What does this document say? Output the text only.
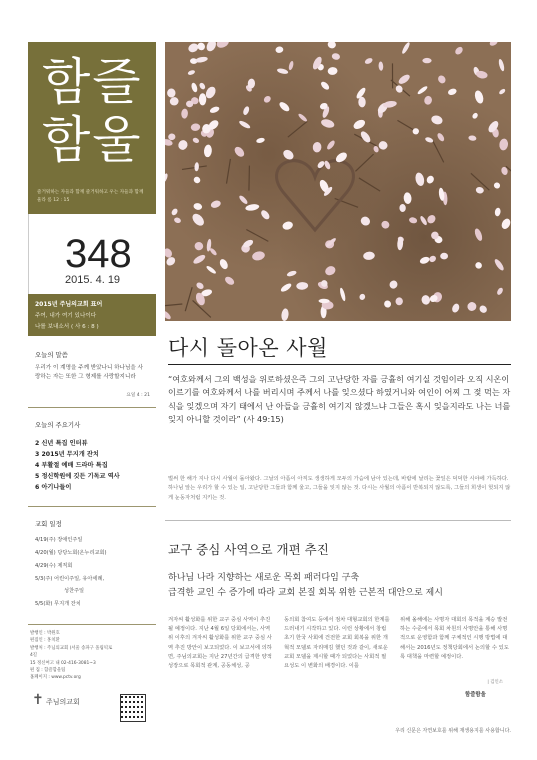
함즐
함울
즐거워하는 자들과 함께 즐거워하고 우는 자들과 함께 울라 롬 12 : 15
348
2015. 4. 19
2015년 주님의교회 표어
주여, 내가 여기 있나이다
나를 보내소서 ( 사 6 : 8 )
오늘의 말씀
우리가 이 계명을 주께 받았나니 하나님을 사랑하는 자는 또한 그 형제를 사랑할지니라
요일 4 : 21
오늘의 주요기사
2 신년 특집 인터뷰
3 2015년 무지개 잔치
4 부활절 예배 드라마 특집
5 정신학원에 깃든 기독교 역사
6 아기나들이
교회 일정
4/19(주) 장애인주일
4/20(월) 당당노회(온누리교회)
4/29(수) 제직회
5/3(주) 어린이주일, 유아세례,
성찬주일
5/5(화) 무지개 잔치
발행인 : 박원호
편집인 : 홍치환
발행처 : 주님의교회 (서울 송파구 올림픽로 4길
15 정신여고 내 02-416-3081~3
편 집 : 함즐함울팀
홈페이지 : www.pctv.org
✝ 주님의교회
다시 돌아온 사월
“여호와께서 그의 백성을 위로하셨은즉 그의 고난당한 자를 긍휼히 여기실 것임이라 오직 시온이 이르기를 여호와께서 나를 버리시며 주께서 나를 잊으셨다 하였거니와 여인이 어찌 그 젖 먹는 자식을 잊겠으며 자기 태에서 난 아들을 긍휼히 여기지 않겠느냐 그들은 혹시 잊을지라도 나는 너를 잊지 아니할 것이라” (사 49:15)
벌써 한 해가 지나 다시 사월이 돌아왔다. 그날의 아픔이 아직도 생생하게 모두의 가슴에 남아 있는데, 바람에 날리는 꽃잎은 덕덕한 시야에 가득하다. 하나님 앞는 우리가 할 수 있는 일, 고난당한 그들과 함께 울고, 그들을 잊지 않는 것. 다시는 사월의 아픔이 반복되지 않도록, 그들의 희생이 헛되지 않게 눈동자처럼 지키는 것.
교구 중심 사역으로 개편 추진
하나님 나라 지향하는 새로운 목회 패러다임 구축
급격한 교인 수 증가에 따라 교회 본질 회복 위한 근본적 대안으로 제시
겨자씨 활성화를 위한 교구 중심 사역이 추진될 예정이다. 지난 4월 6일 당회에서는, 사역위 이후의 겨자씨 활성화를 위한 교구 중심 사역 추진 방안이 보고되었다. 이 보고서에 의하면, 주님의교회는 지난 27년간의 급격한 양적 성장으로 목회적 관계, 공동체성, 공
동의회 참여도 등에서 점차 대형교회의 한계를 드러내기 시작하고 있다. 이런 상황에서 창립 초기 한국 사회에 건전한 교회 회복을 위한 개혁적 모델로 자리매김 했던 것과 같이, 새로운 교회 모델을 제시할 때가 되었다는 사회적 필요성도 이 변화의 배경이다. 이를
위해 올해에는 사명자 대회의 목적을 계승 발전하는 수준에서 목회 차원의 사명안을 통해 사명적으로 운영함과 함께 구체적인 시행 방법에 대해서는 2016년도 정책당회에서 논의할 수 있도록 대책을 마련할 예정이다.
| 김인소
함즐함울
우리 신문은 자연보호를 위해 재생용지를 사용합니다.
